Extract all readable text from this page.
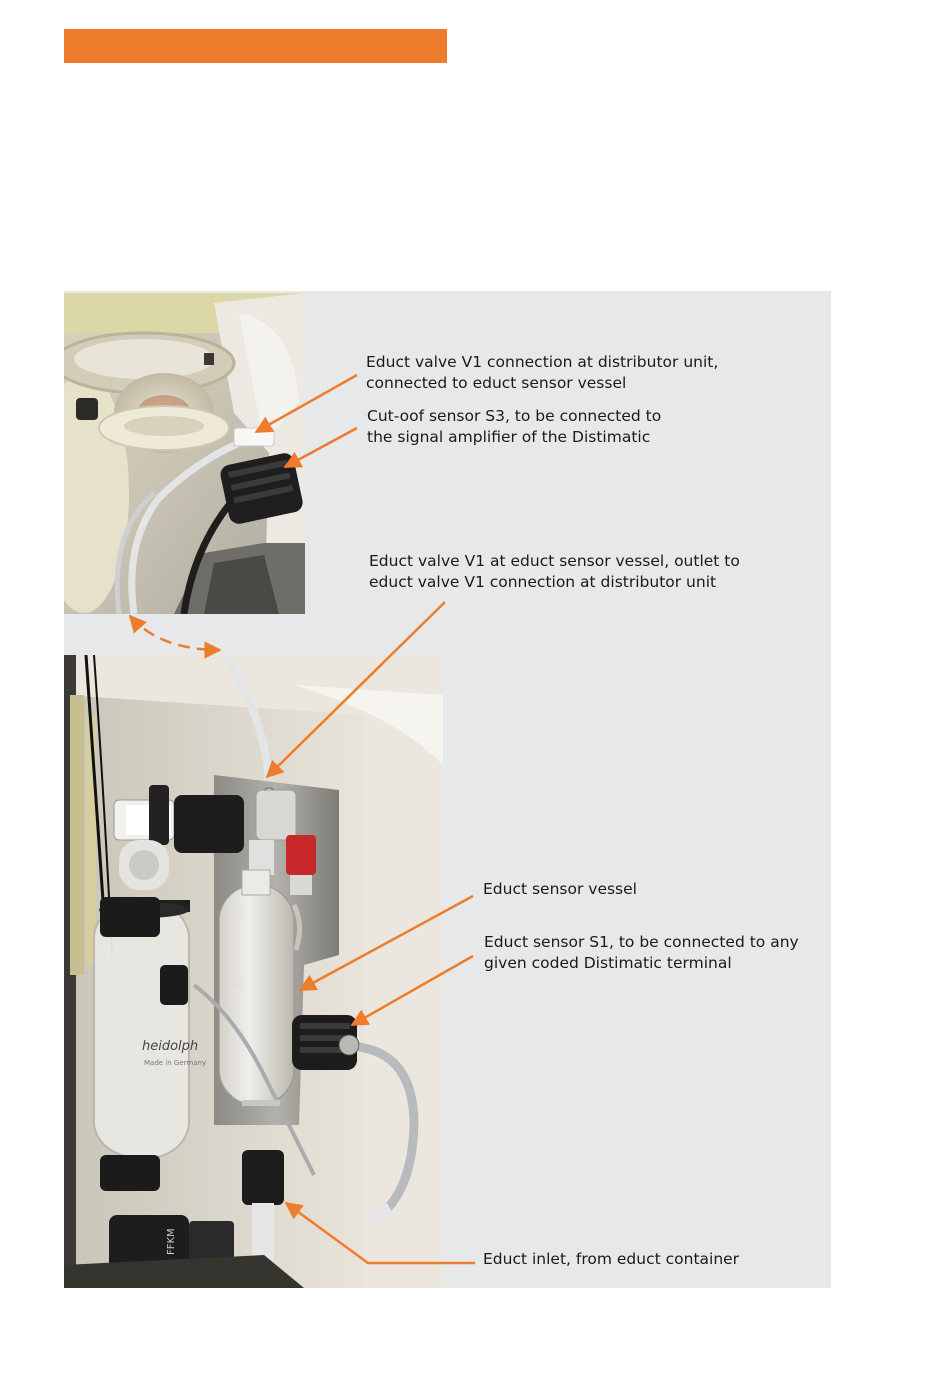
heidolph
Made in Germany
FFKM
Educt valve V1 connection at distributor unit,
connected to educt sensor vessel
Cut-oof sensor S3, to be connected to
the signal amplifier of the Distimatic
Educt valve V1 at educt sensor vessel, outlet to
educt valve V1 connection at distributor unit
Educt sensor vessel
Educt sensor S1, to be connected to any
given coded Distimatic terminal
Educt inlet, from educt container
